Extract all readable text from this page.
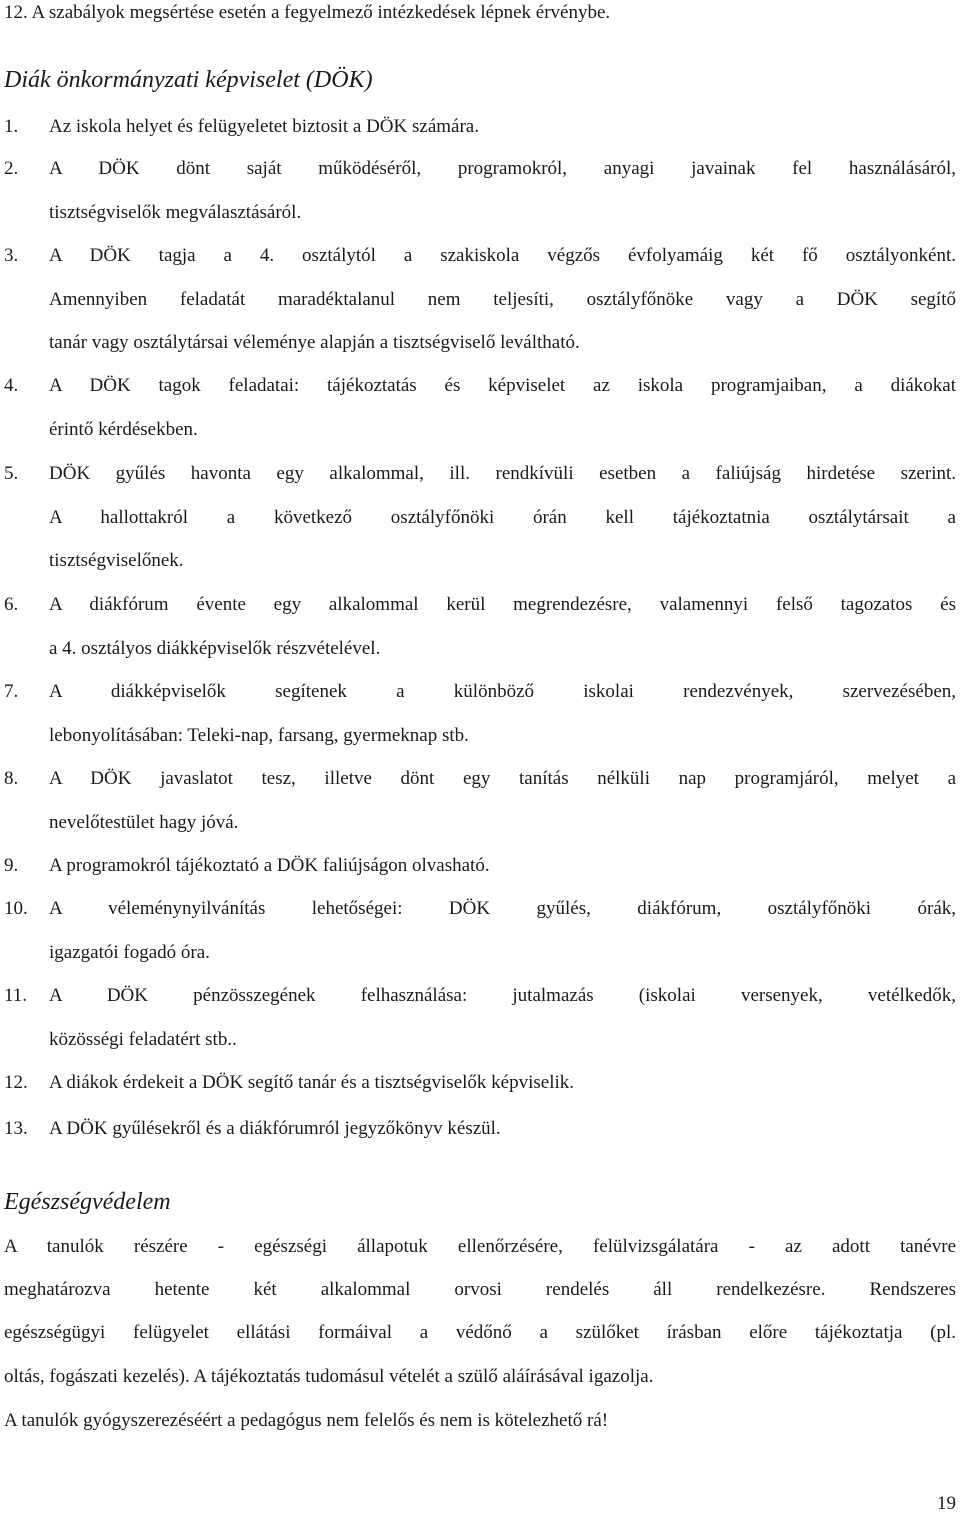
12. A szabályok megsértése esetén a fegyelmező intézkedések lépnek érvénybe.
Diák önkormányzati képviselet (DÖK)
1. Az iskola helyet és felügyeletet biztosit a DÖK számára.
2. A DÖK dönt saját működéséről, programokról, anyagi javainak fel használásáról,
tisztségviselők megválasztásáról.
3. A DÖK tagja a 4. osztálytól a szakiskola végzős évfolyamáig két fő osztályonként.
Amennyiben feladatát maradéktalanul nem teljesíti, osztályfőnöke vagy a DÖK segítő
tanár vagy osztálytársai véleménye alapján a tisztségviselő leváltható.
4. A DÖK tagok feladatai: tájékoztatás és képviselet az iskola programjaiban, a diákokat
érintő kérdésekben.
5. DÖK gyűlés havonta egy alkalommal, ill. rendkívüli esetben a faliújság hirdetése szerint.
A hallottakról a következő osztályfőnöki órán kell tájékoztatnia osztálytársait a
tisztségviselőnek.
6. A diákfórum évente egy alkalommal kerül megrendezésre, valamennyi felső tagozatos és
a 4. osztályos diákképviselők részvételével.
7. A diákképviselők segítenek a különböző iskolai rendezvények, szervezésében,
lebonyolításában: Teleki-nap, farsang, gyermeknap stb.
8. A DÖK javaslatot tesz, illetve dönt egy tanítás nélküli nap programjáról, melyet a
nevelőtestület hagy jóvá.
9. A programokról tájékoztató a DÖK faliújságon olvasható.
10. A véleménynyilvánítás lehetőségei: DÖK gyűlés, diákfórum, osztályfőnöki órák,
igazgatói fogadó óra.
11. A DÖK pénzösszegének felhasználása: jutalmazás (iskolai versenyek, vetélkedők,
közösségi feladatért stb..
12. A diákok érdekeit a DÖK segítő tanár és a tisztségviselők képviselik.
13. A DÖK gyűlésekről és a diákfórumról jegyzőkönyv készül.
Egészségvédelem
A tanulók részére - egészségi állapotuk ellenőrzésére, felülvizsgálatára - az adott tanévre
meghatározva hetente két alkalommal orvosi rendelés áll rendelkezésre. Rendszeres
egészségügyi felügyelet ellátási formáival a védőnő a szülőket írásban előre tájékoztatja (pl.
oltás, fogászati kezelés). A tájékoztatás tudomásul vételét a szülő aláírásával igazolja.
A tanulók gyógyszerezéséért a pedagógus nem felelős és nem is kötelezhető rá!
19
